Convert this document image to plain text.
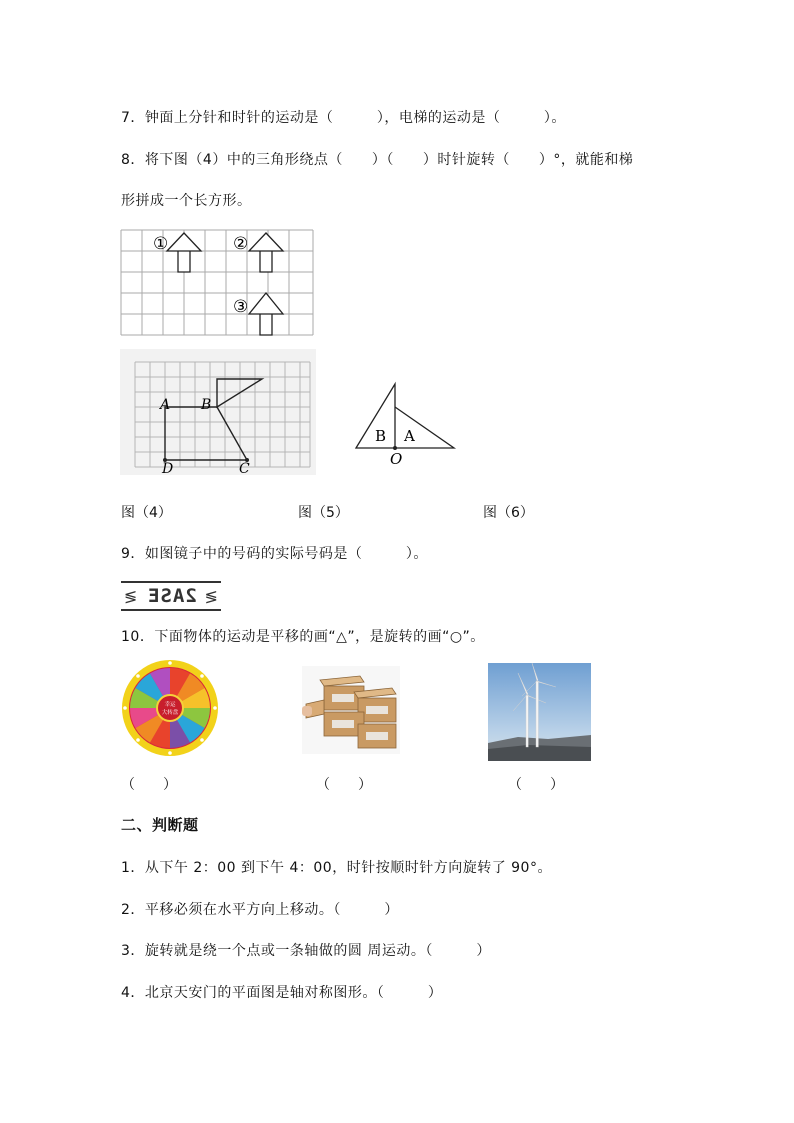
7．钟面上分针和时针的运动是（　　　），电梯的运动是（　　　）。
8．将下图（4）中的三角形绕点（　　）（　　）时针旋转（　　）°，就能和梯
形拼成一个长方形。
①	②
③
A B
C
D
B A
O
图（4）	图（5）	图（6）
9．如图镜子中的号码的实际号码是（　　　）。
≶ 2ASE ≶
10．下面物体的运动是平移的画“△”，是旋转的画“○”。
幸运
大转盘
（　　）	（　　）	（　　）
二、判断题
1．从下午 2：00 到下午 4：00，时针按顺时针方向旋转了 90°。
2．平移必须在水平方向上移动。（　　　）
3．旋转就是绕一个点或一条轴做的圆 周运动。（　　　）
4．北京天安门的平面图是轴对称图形。（　　　）
